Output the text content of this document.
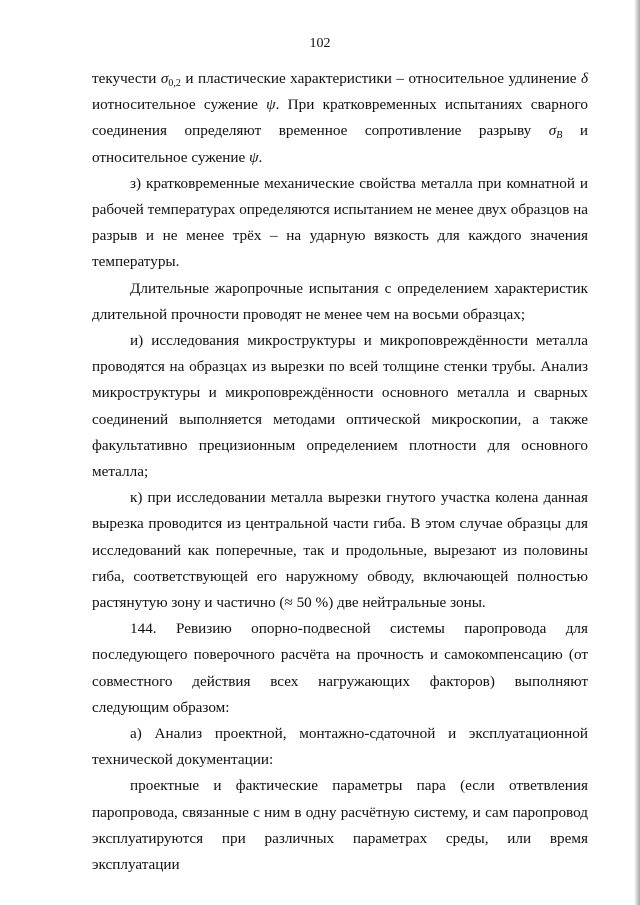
102

текучести $\sigma_{0,2}$ и пластические характеристики – относительное удлинение δ иотносительное сужение ψ. При кратковременных испытаниях сварного соединения определяют временное сопротивление разрыву $\sigma_B$ и относительное сужение ψ.

з) кратковременные механические свойства металла при комнатной и рабочей температурах определяются испытанием не менее двух образцов на разрыв и не менее трёх – на ударную вязкость для каждого значения температуры.

Длительные жаропрочные испытания с определением характеристик длительной прочности проводят не менее чем на восьми образцах;

и) исследования микроструктуры и микроповреждённости металла проводятся на образцах из вырезки по всей толщине стенки трубы. Анализ микроструктуры и микроповреждённости основного металла и сварных соединений выполняется методами оптической микроскопии, а также факультативно прецизионным определением плотности для основного металла;

к) при исследовании металла вырезки гнутого участка колена данная вырезка проводится из центральной части гиба. В этом случае образцы для исследований как поперечные, так и продольные, вырезают из половины гиба, соответствующей его наружному обводу, включающей полностью растянутую зону и частично (≈ 50 %) две нейтральные зоны.

144. Ревизию опорно-подвесной системы паропровода для последующего поверочного расчёта на прочность и самокомпенсацию (от совместного действия всех нагружающих факторов) выполняют следующим образом:

а) Анализ проектной, монтажно-сдаточной и эксплуатационной технической документации:

проектные и фактические параметры пара (если ответвления паропровода, связанные с ним в одну расчётную систему, и сам паропровод эксплуатируются при различных параметрах среды, или время эксплуатации
